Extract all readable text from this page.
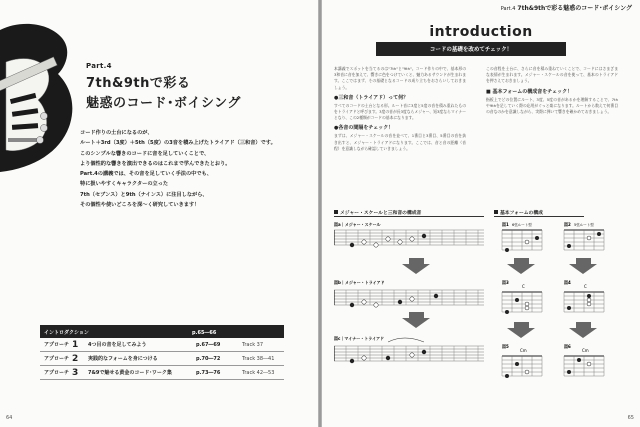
Part.4
7th&9thで彩る
魅惑のコード･ボイシング
コード作りの土台になるのが、
ルート＋3rd（3度）＋5th（5度）の3音を積み上げたトライアド（三和音）です。
このシンプルな響きのコードに音を足していくことで、
より個性的な響きを演出できるのはこれまで学んできたとおり。
Part.4の講義では、その音を足していく手法の中でも、
特に扱いやすくキャラクターの立った
7th（セブンス）と9th（ナインス）に注目しながら、
その個性や使いどころを深〜く研究していきます！
イントロダクション	p.65―66
アプローチ 1 4つ目の音を足してみよう	p.67―69	Track 37
アプローチ 2 実践的なフォームを身につける	p.70―72	Track 38―41
アプローチ 3 7&9で魅せる黄金のコード･ワーク集	p.73―76	Track 42―53
64
Part.4 7th&9thで彩る魅惑のコード･ボイシング
introduction
コードの基礎を改めてチェック！

本講義でスポットを当てるのは"7th"と"9th"。コード作りの中で、基本形の3和音に音を加えて、響きに色をつけていくと、魅力あるサウンドが生まれます。ここではまず、その基礎となるコードの成り立ちをおさらいしておきましょう。

●三和音（トライアド）って何？

すべてのコードの土台となる形。ルート音に3度と5度の音を積み重ねたものをトライアドと呼びます。3度の音が長3度ならメジャー、短3度ならマイナーとなり、この2種類がコードの基本になります。

●各音の間隔をチェック！

まずは、メジャー・スケールの音を並べて、1番目と3番目、5番目の音を抜き出すと、メジャー・トライアドになります。ここでは、音と音の距離（音程）を意識しながら確認していきましょう。

この音程を土台に、さらに音を積み重ねていくことで、コードにはさまざまな表情が生まれます。メジャー・スケールの音を使って、基本のトライアドを押さえておきましょう。

■ 基本フォームの構成音をチェック！

指板上でどの位置にルート、3度、5度の音があるかを理解することで、7thや9thを足していく際の応用がぐっと楽になります。ルートから数えて何番目の音なのかを意識しながら、実際に弾いて響きを確かめておきましょう。

メジャー・スケールと三和音の構成音	基本フォームの構成
図a｜メジャー・スケール
図b｜メジャー・トライアド
図c｜マイナー・トライアド
図1 6弦ルート型	図2 5弦ルート型
図3
C
図4
C
図5
Cm
図6
Cm
65
